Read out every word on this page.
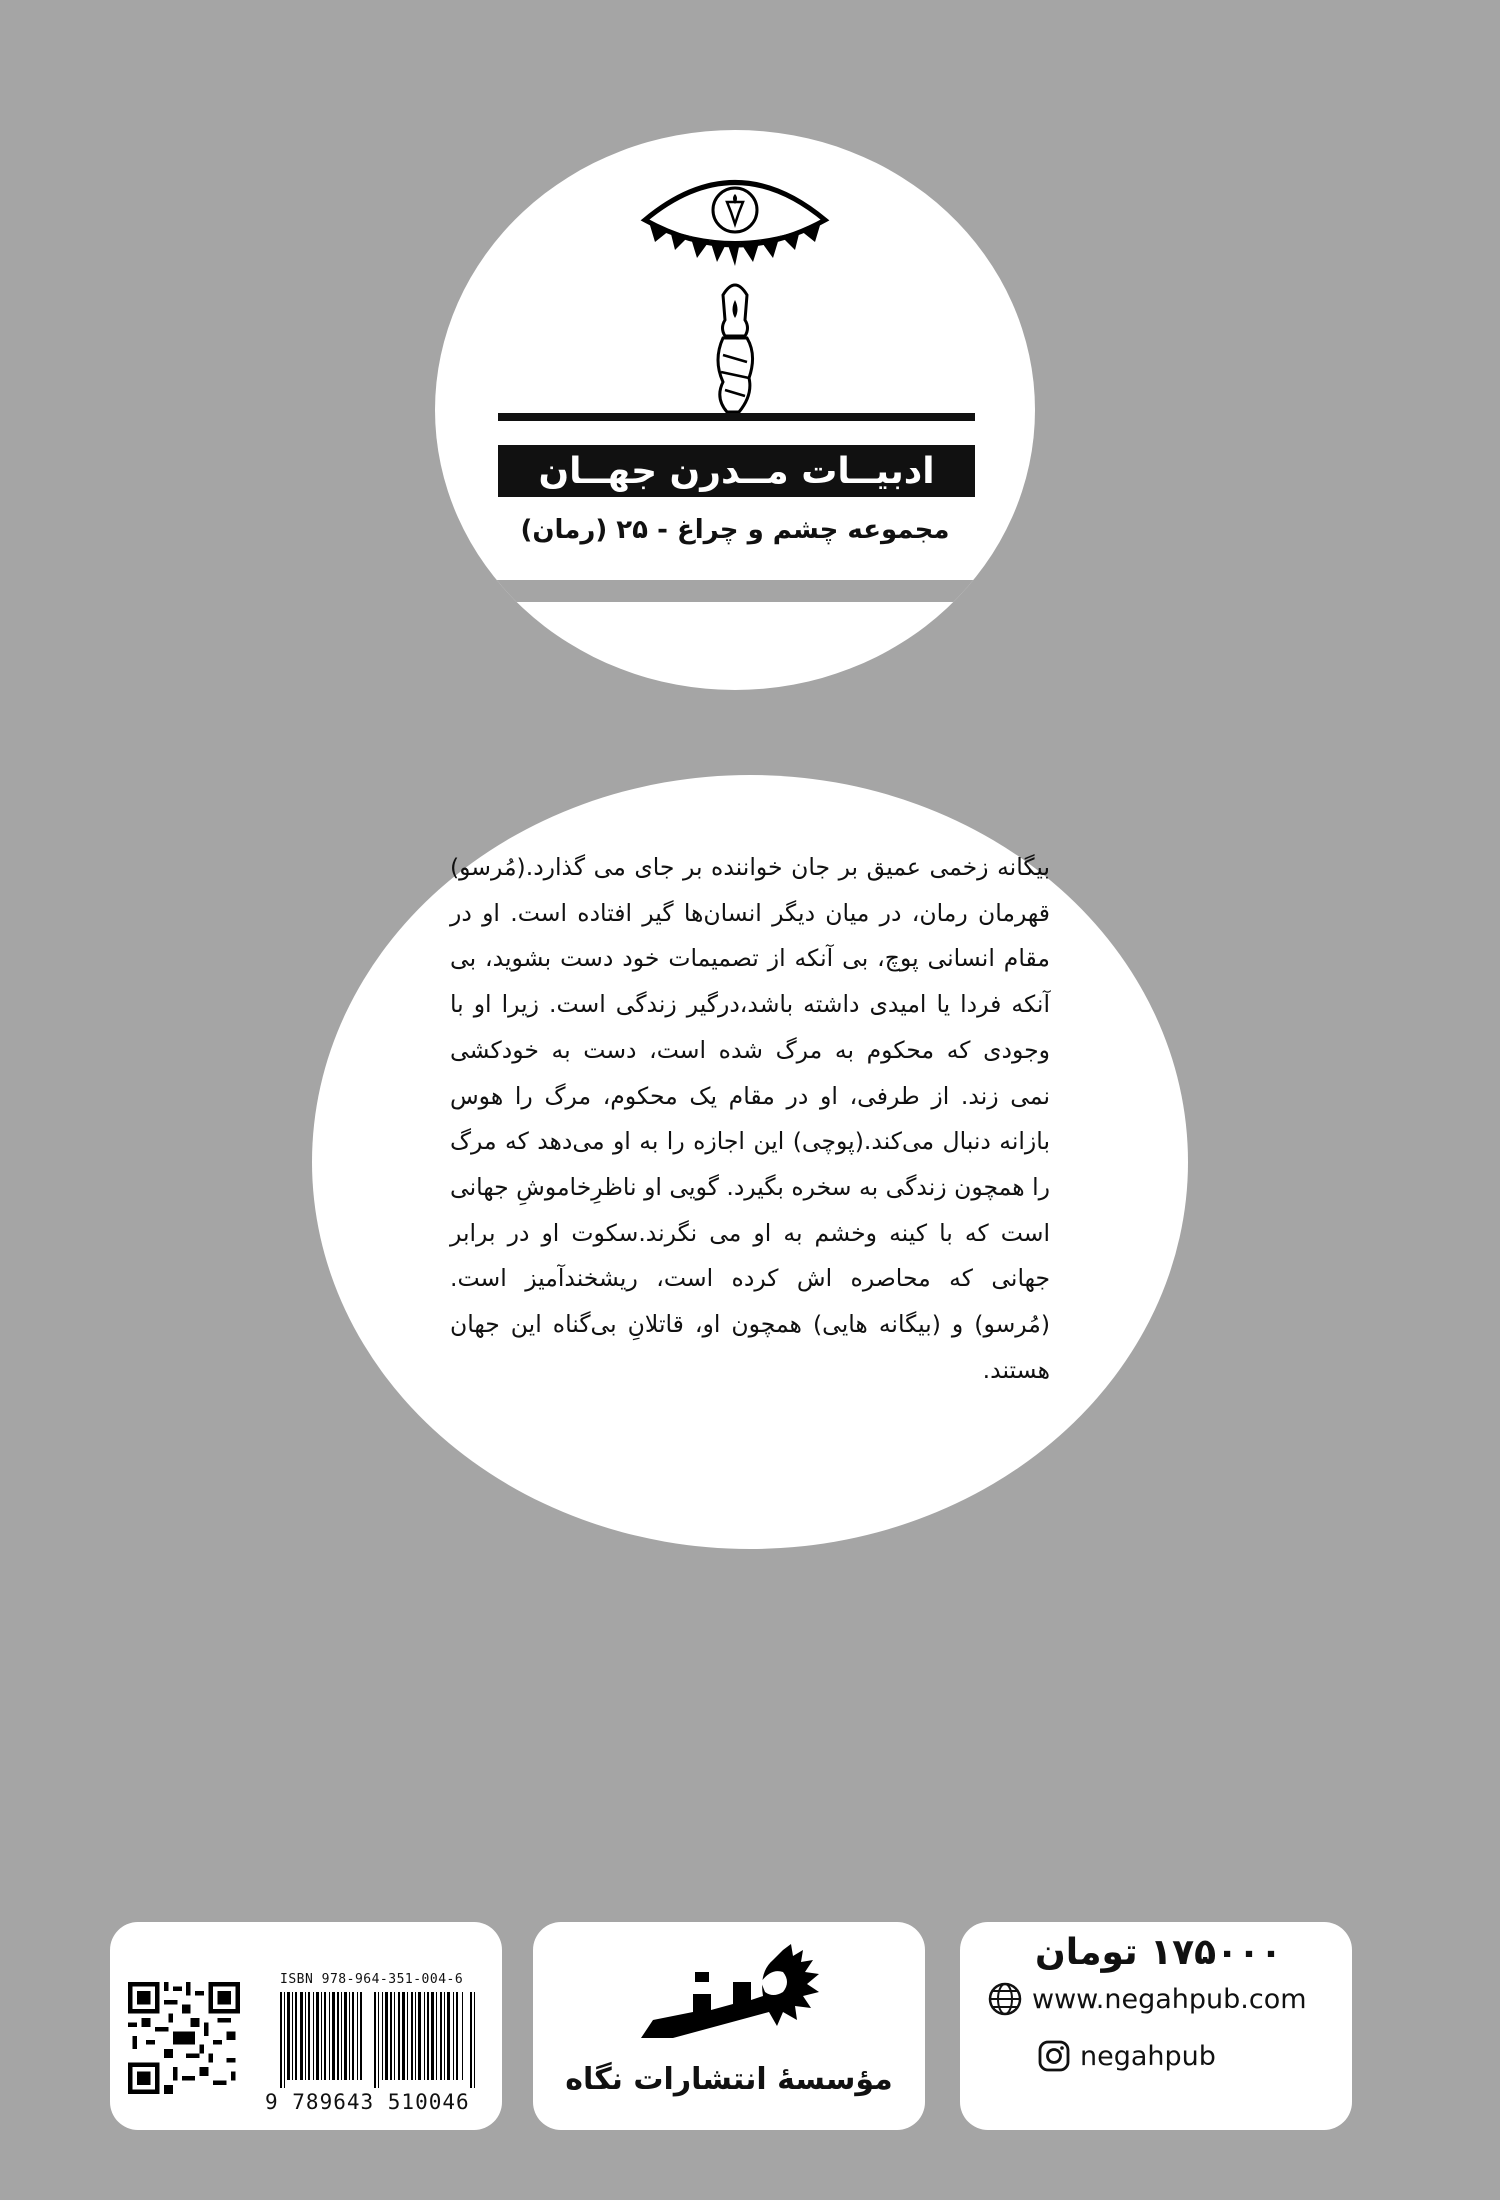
ادبیــات مــدرن جهــان
مجموعه چشم و چراغ - ۲۵ (رمان)
بیگانه زخمی عمیق بر جان خواننده بر جای می گذارد.(مُرسو) قهرمان رمان، در میان دیگر انسان‌ها گیر افتاده است. او در مقام انسانی پوچ، بی آنکه از تصمیمات خود دست بشوید، بی آنکه فردا یا امیدی داشته باشد،درگیر زندگی است. زیرا او با وجودی که محکوم به مرگ شده است، دست به خودکشی نمی زند. از طرفی، او در مقام یک محکوم، مرگ را هوس بازانه دنبال می‌کند.(پوچی) این اجازه را به او می‌دهد که مرگ را همچون زندگی به سخره بگیرد. گویی او ناظرِخاموشِ جهانی است که با کینه وخشم به او می نگرند.سکوت او در برابر جهانی که محاصره اش کرده است، ریشخندآمیز است. (مُرسو) و (بیگانه هایی) همچون او، قاتلانِ بی‌گناه این جهان هستند.
ISBN 978-964-351-004-6
9 789643 510046
مؤسسهٔ انتشارات نگاه
۱۷۵۰۰۰ تومان
www.negahpub.com
negahpub
